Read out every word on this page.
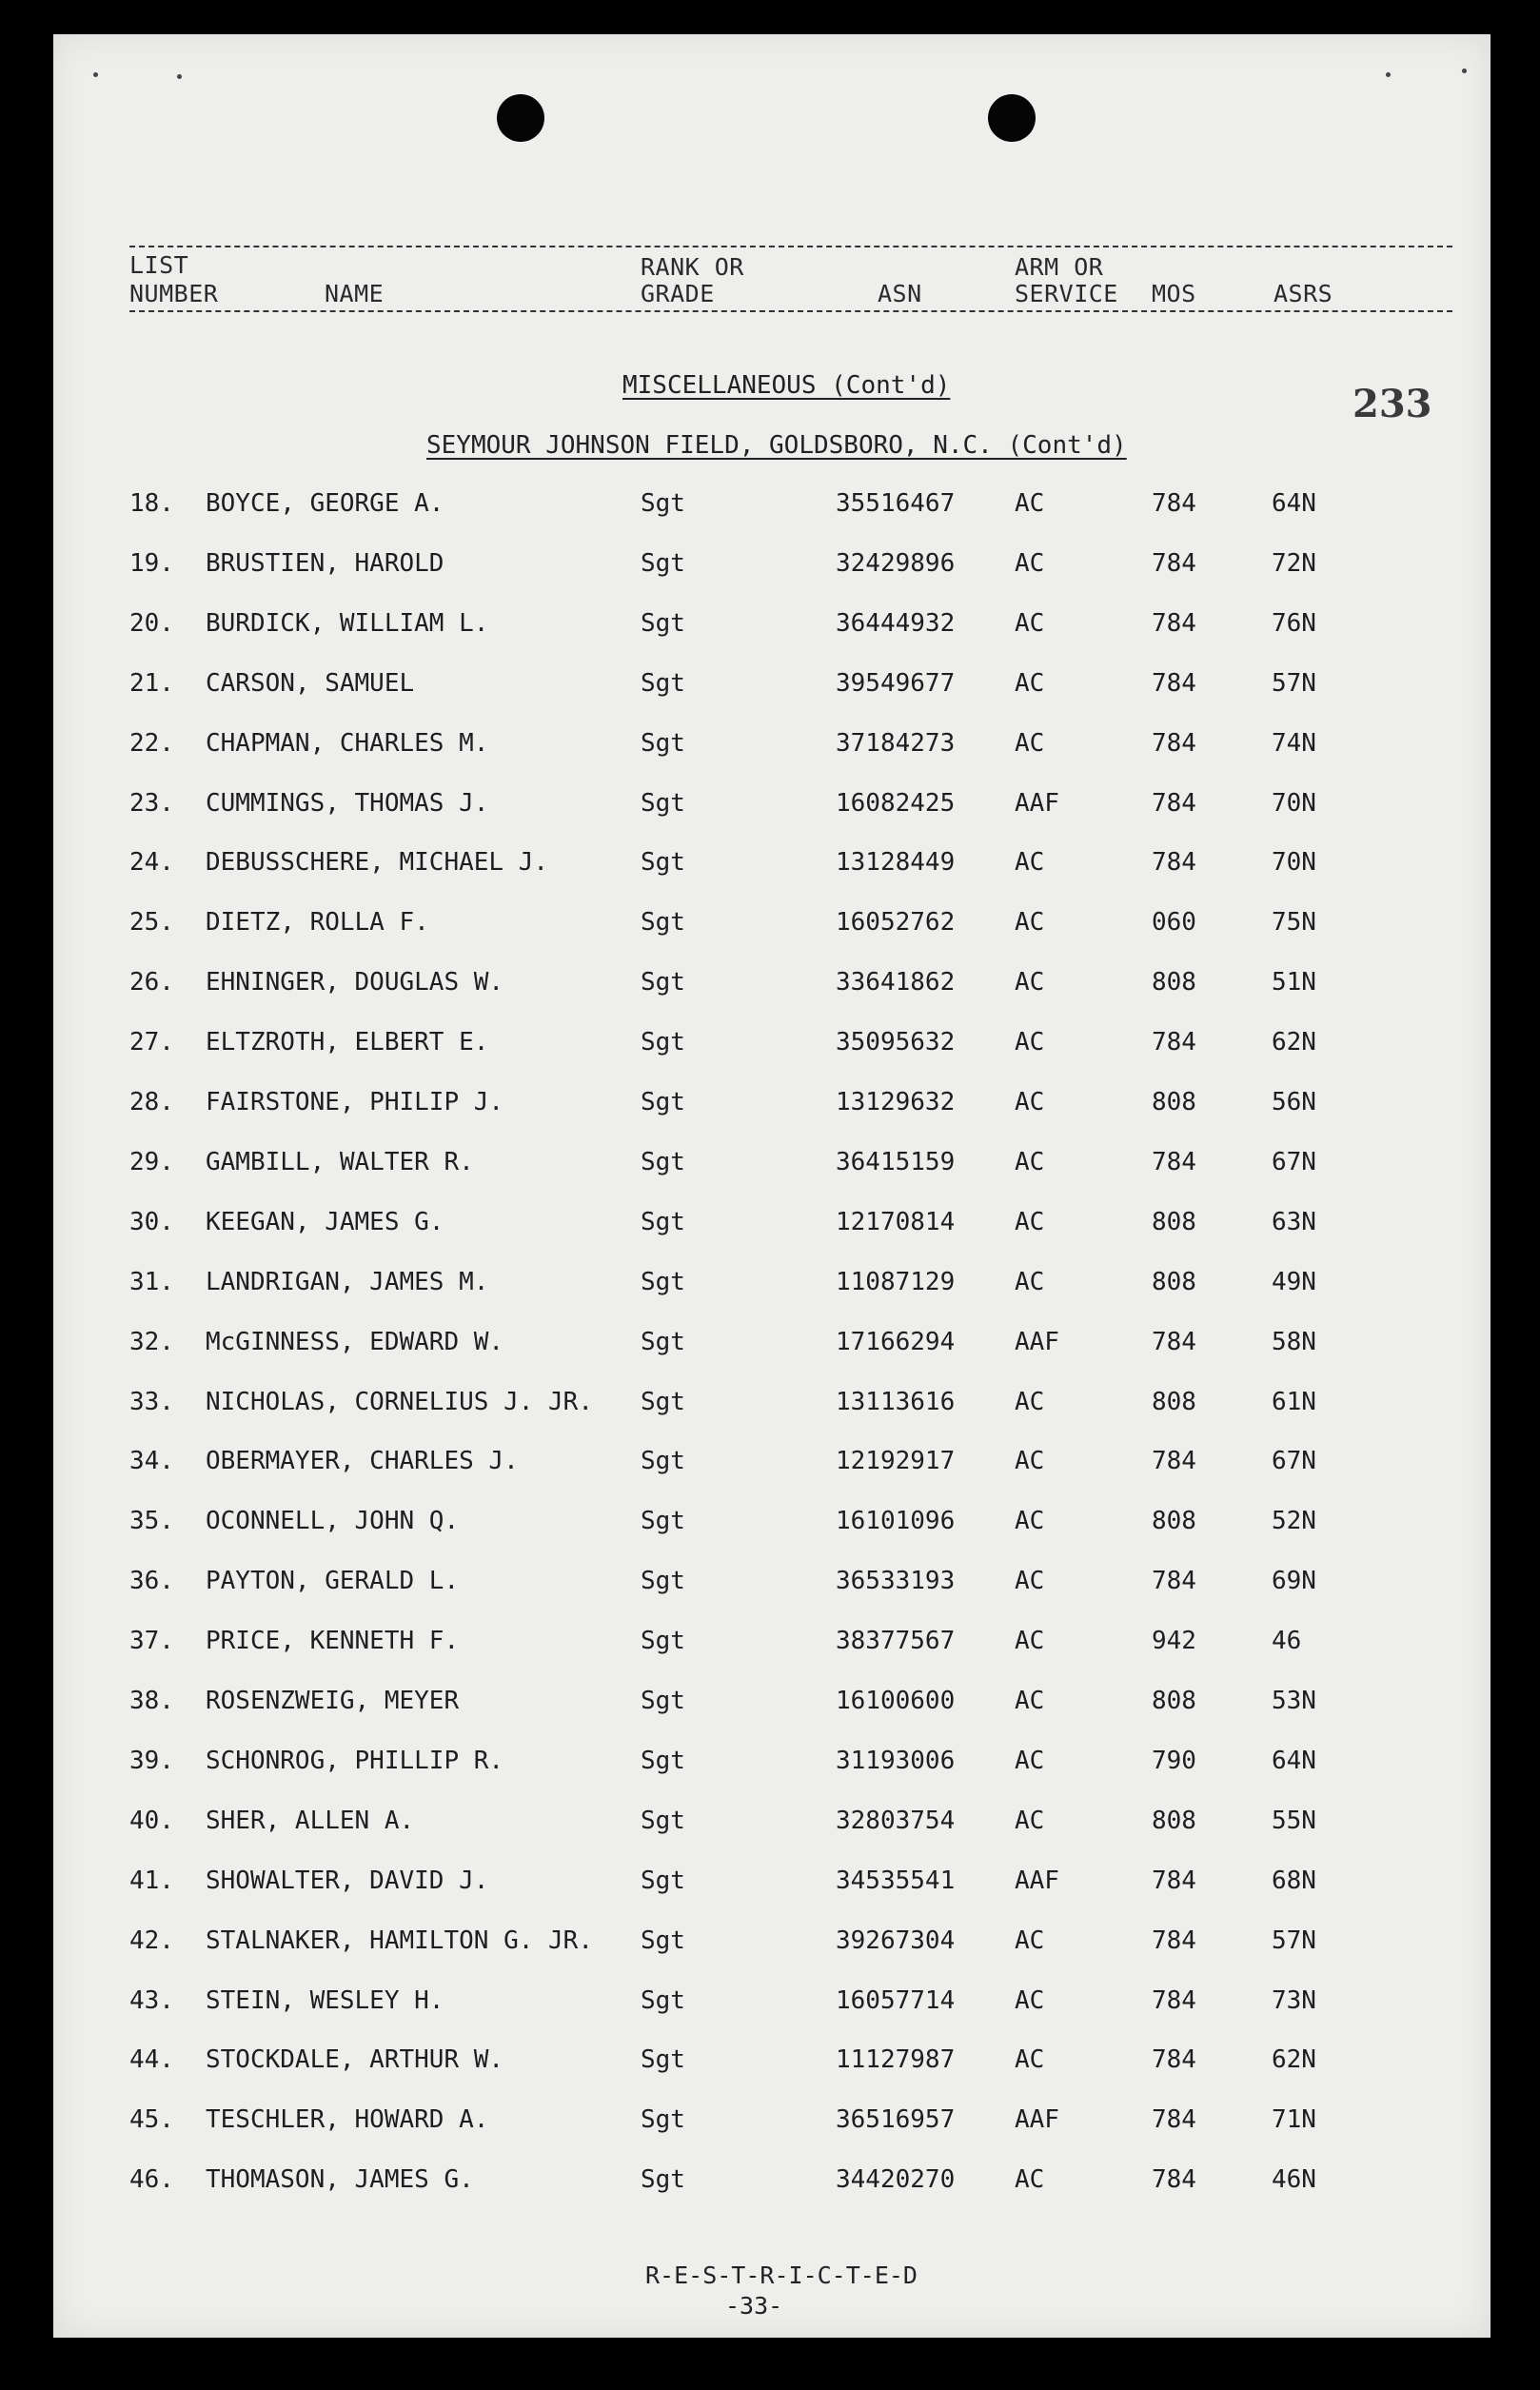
LIST
NUMBER	NAME
RANK OR
GRADE	ASN
ARM OR
SERVICE MOS	ASRS
MISCELLANEOUS (Cont'd)
SEYMOUR JOHNSON FIELD, GOLDSBORO, N.C. (Cont'd)
233
18. BOYCE, GEORGE A.	Sgt	35516467 AC	784	64N
19. BRUSTIEN, HAROLD	Sgt	32429896 AC	784	72N
20. BURDICK, WILLIAM L.	Sgt	36444932 AC	784	76N
21. CARSON, SAMUEL	Sgt	39549677 AC	784	57N
22. CHAPMAN, CHARLES M.	Sgt	37184273 AC	784	74N
23. CUMMINGS, THOMAS J.	Sgt	16082425 AAF	784	70N
24. DEBUSSCHERE, MICHAEL J.	Sgt	13128449 AC	784	70N
25. DIETZ, ROLLA F.	Sgt	16052762 AC	060	75N
26. EHNINGER, DOUGLAS W.	Sgt	33641862 AC	808	51N
27. ELTZROTH, ELBERT E.	Sgt	35095632 AC	784	62N
28. FAIRSTONE, PHILIP J.	Sgt	13129632 AC	808	56N
29. GAMBILL, WALTER R.	Sgt	36415159 AC	784	67N
30. KEEGAN, JAMES G.	Sgt	12170814 AC	808	63N
31. LANDRIGAN, JAMES M.	Sgt	11087129 AC	808	49N
32. McGINNESS, EDWARD W.	Sgt	17166294 AAF	784	58N
33. NICHOLAS, CORNELIUS J. JR. Sgt	13113616 AC	808	61N
34. OBERMAYER, CHARLES J.	Sgt	12192917 AC	784	67N
35. OCONNELL, JOHN Q.	Sgt	16101096 AC	808	52N
36. PAYTON, GERALD L.	Sgt	36533193 AC	784	69N
37. PRICE, KENNETH F.	Sgt	38377567 AC	942	46
38. ROSENZWEIG, MEYER	Sgt	16100600 AC	808	53N
39. SCHONROG, PHILLIP R.	Sgt	31193006 AC	790	64N
40. SHER, ALLEN A.	Sgt	32803754 AC	808	55N
41. SHOWALTER, DAVID J.	Sgt	34535541 AAF	784	68N
42. STALNAKER, HAMILTON G. JR. Sgt	39267304 AC	784	57N
43. STEIN, WESLEY H.	Sgt	16057714 AC	784	73N
44. STOCKDALE, ARTHUR W.	Sgt	11127987 AC	784	62N
45. TESCHLER, HOWARD A.	Sgt	36516957 AAF	784	71N
46. THOMASON, JAMES G.	Sgt	34420270 AC	784	46N
R-E-S-T-R-I-C-T-E-D
-33-
